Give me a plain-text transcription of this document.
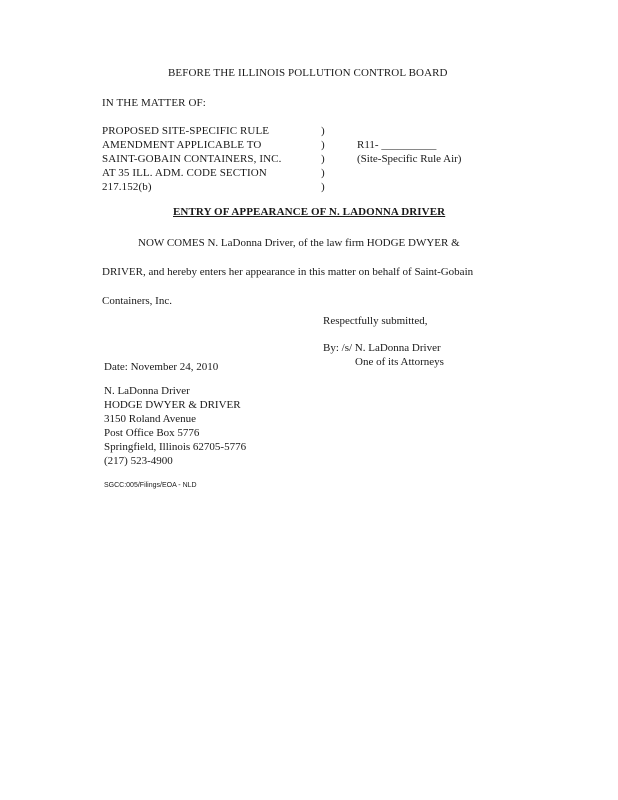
BEFORE THE ILLINOIS POLLUTION CONTROL BOARD
IN THE MATTER OF:
PROPOSED SITE-SPECIFIC RULE
AMENDMENT APPLICABLE TO
SAINT-GOBAIN CONTAINERS, INC.
AT 35 ILL. ADM. CODE SECTION
217.152(b)
)
)
)
)
)
R11- __________
(Site-Specific Rule Air)
ENTRY OF APPEARANCE OF N. LADONNA DRIVER
NOW COMES N. LaDonna Driver, of the law firm HODGE DWYER &
DRIVER, and hereby enters her appearance in this matter on behalf of Saint-Gobain
Containers, Inc.
Respectfully submitted,
By: /s/ N. LaDonna Driver
One of its Attorneys
Date: November 24, 2010
N. LaDonna Driver
HODGE DWYER & DRIVER
3150 Roland Avenue
Post Office Box 5776
Springfield, Illinois 62705-5776
(217) 523-4900
SGCC:005/Filings/EOA - NLD
